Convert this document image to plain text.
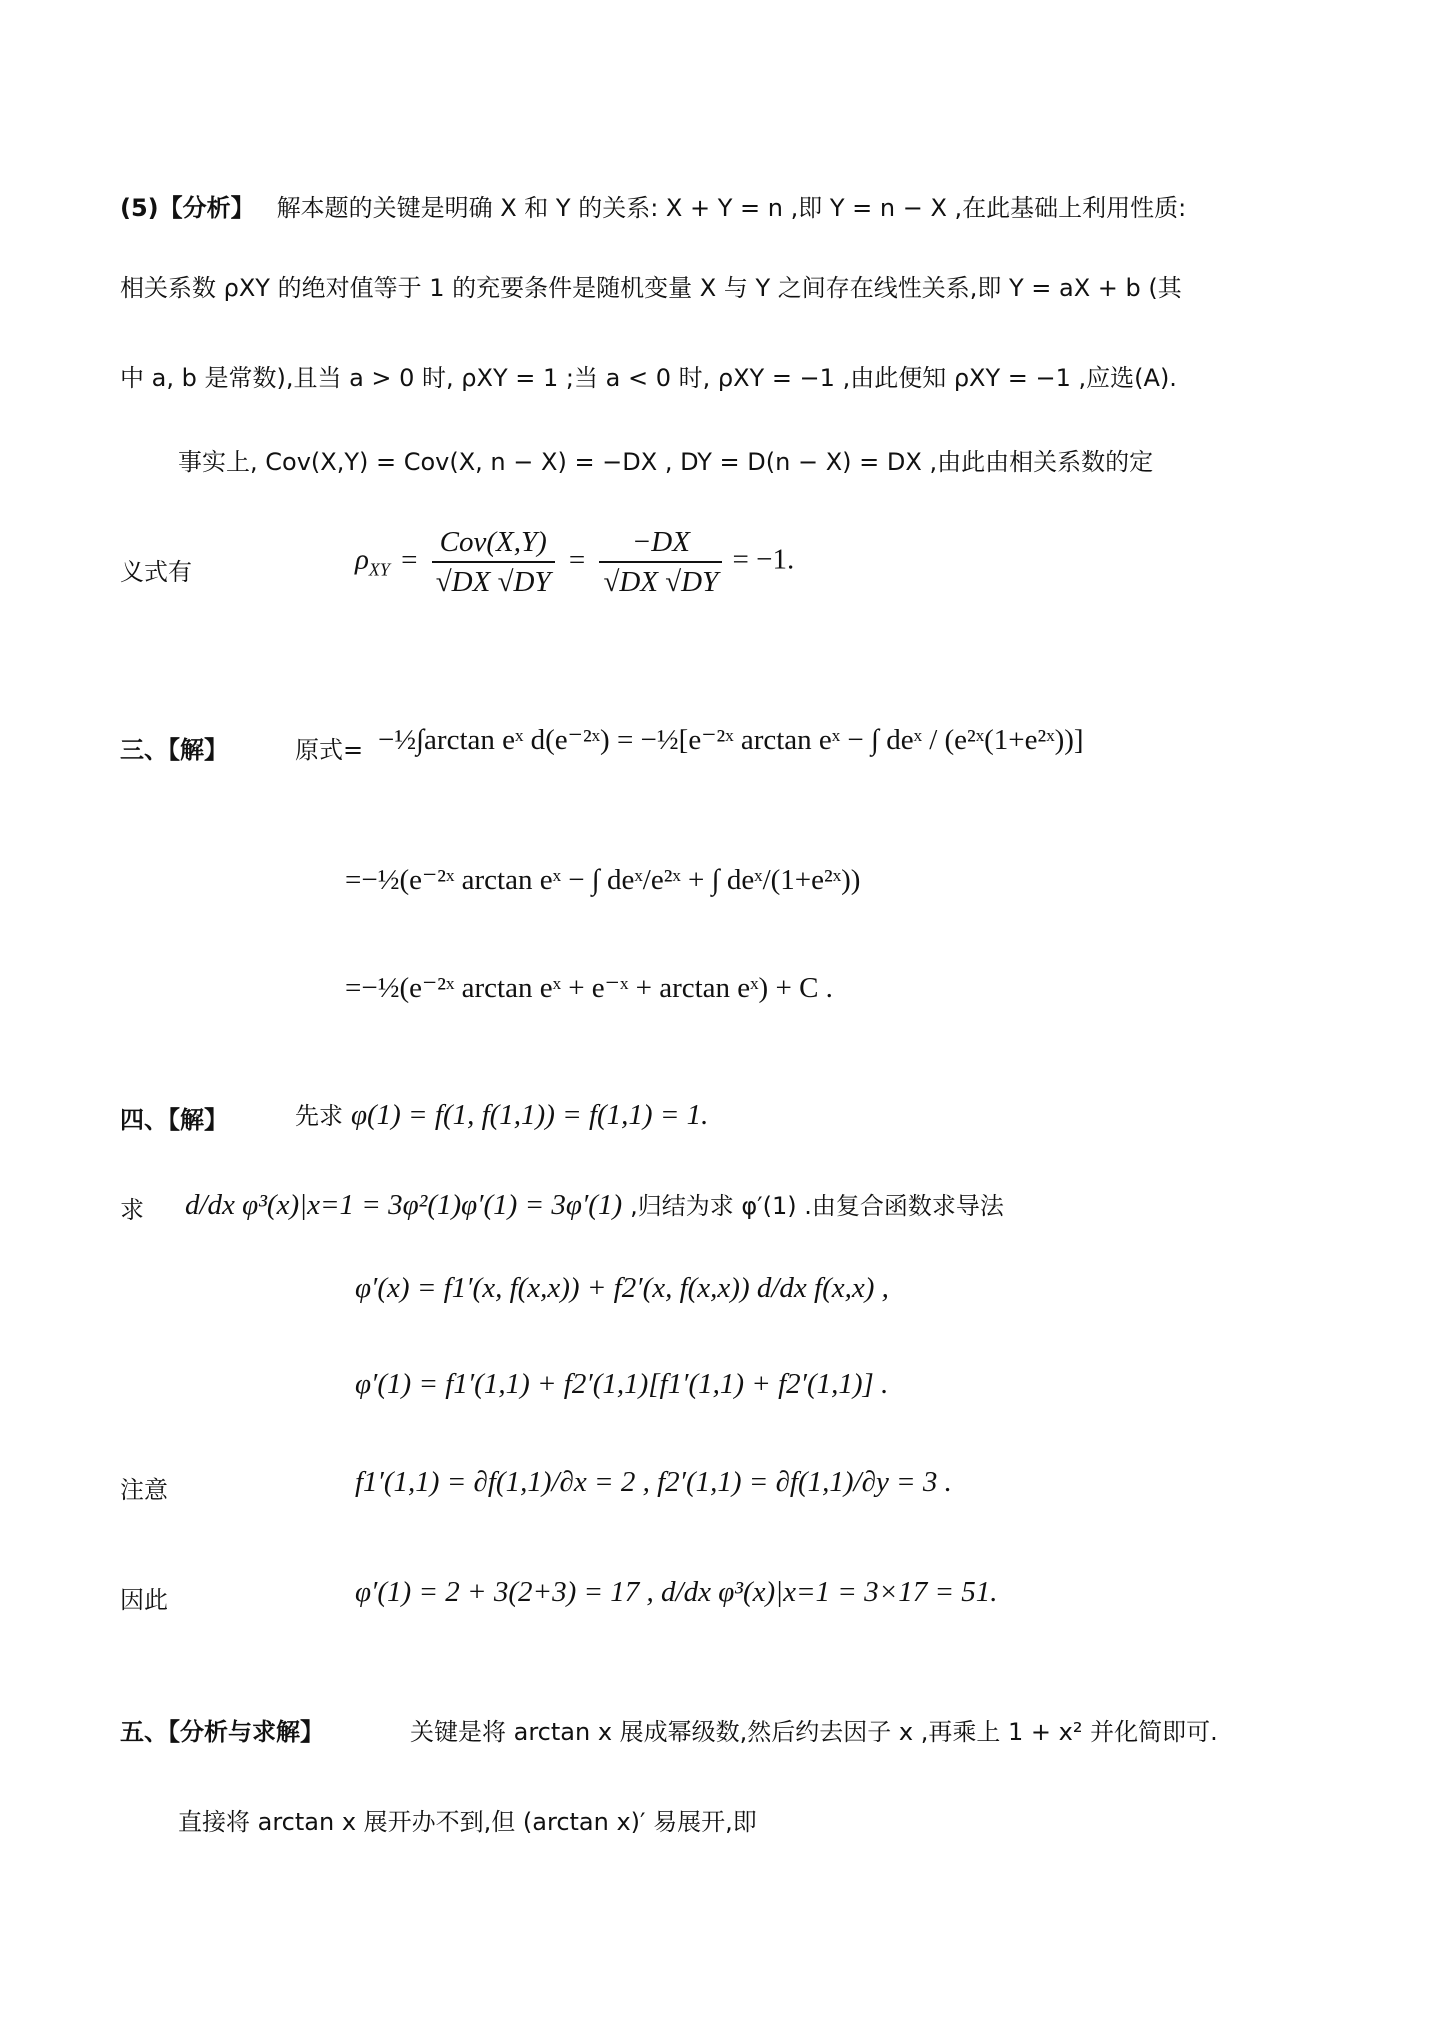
(5)【分析】 解本题的关键是明确 X 和 Y 的关系: X + Y = n ,即 Y = n − X ,在此基础上利用性质:
相关系数 ρXY 的绝对值等于 1 的充要条件是随机变量 X 与 Y 之间存在线性关系,即 Y = aX + b (其
中 a, b 是常数),且当 a > 0 时, ρXY = 1 ;当 a < 0 时, ρXY = −1 ,由此便知 ρXY = −1 ,应选(A).
事实上, Cov(X,Y) = Cov(X, n − X) = −DX , DY = D(n − X) = DX ,由此由相关系数的定
义式有	$\rho_{XY} = \frac{\text{Cov(X,Y)}}{√DX √DY} = \frac{-DX}{√DX √DY} = -1$.
三、【解】	原式= −½∫arctan eˣ d(e⁻²ˣ) = −½[e⁻²ˣ arctan eˣ − ∫ deˣ / (e²ˣ(1+e²ˣ))]
=−½(e⁻²ˣ arctan eˣ − ∫ deˣ/e²ˣ + ∫ deˣ/(1+e²ˣ))
=−½(e⁻²ˣ arctan eˣ + e⁻ˣ + arctan eˣ) + C .
四、【解】	先求 φ(1) = f(1, f(1,1)) = f(1,1) = 1.
求 d/dx φ³(x)|x=1 = 3φ²(1)φ′(1) = 3φ′(1) ,归结为求 φ′(1) .由复合函数求导法
φ′(x) = f1′(x, f(x,x)) + f2′(x, f(x,x)) d/dx f(x,x) ,
φ′(1) = f1′(1,1) + f2′(1,1)[f1′(1,1) + f2′(1,1)] .
注意	f1′(1,1) = ∂f(1,1)/∂x = 2 , f2′(1,1) = ∂f(1,1)/∂y = 3 .
因此	φ′(1) = 2 + 3(2+3) = 17 , d/dx φ³(x)|x=1 = 3×17 = 51.
五、【分析与求解】	关键是将 arctan x 展成幂级数,然后约去因子 x ,再乘上 1 + x² 并化简即可.
直接将 arctan x 展开办不到,但 (arctan x)′ 易展开,即
